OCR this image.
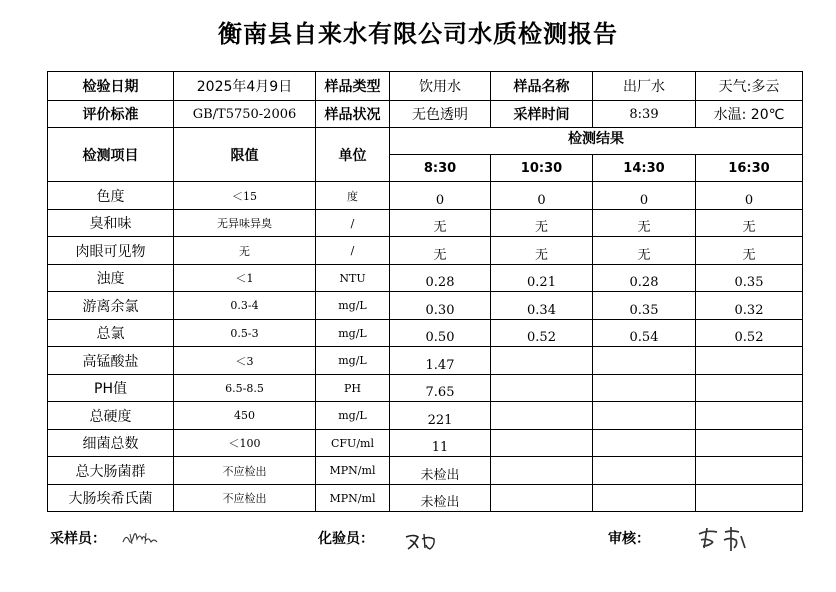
衡南县自来水有限公司水质检测报告
检验日期	2025年4月9日	样品类型	饮用水	样品名称	出厂水	天气:多云
评价标准	GB/T5750-2006	样品状况	无色透明	采样时间	8:39	水温: 20℃
检测项目	限值	单位	检测结果			
			8:30	10:30	14:30	16:30
色度	＜15	度	0	0	0	0
臭和味	无异味异臭	/	无	无	无	无
肉眼可见物	无	/	无	无	无	无
浊度	＜1	NTU	0.28	0.21	0.28	0.35
游离余氯	0.3-4	mg/L	0.30	0.34	0.35	0.32
总氯	0.5-3	mg/L	0.50	0.52	0.54	0.52
高锰酸盐	＜3	mg/L	1.47			
PH值	6.5-8.5	PH	7.65			
总硬度	450	mg/L	221			
细菌总数	＜100	CFU/ml	11			
总大肠菌群	不应检出	MPN/ml	未检出			
大肠埃希氏菌	不应检出	MPN/ml	未检出			
采样员：	化验员：	审核：
